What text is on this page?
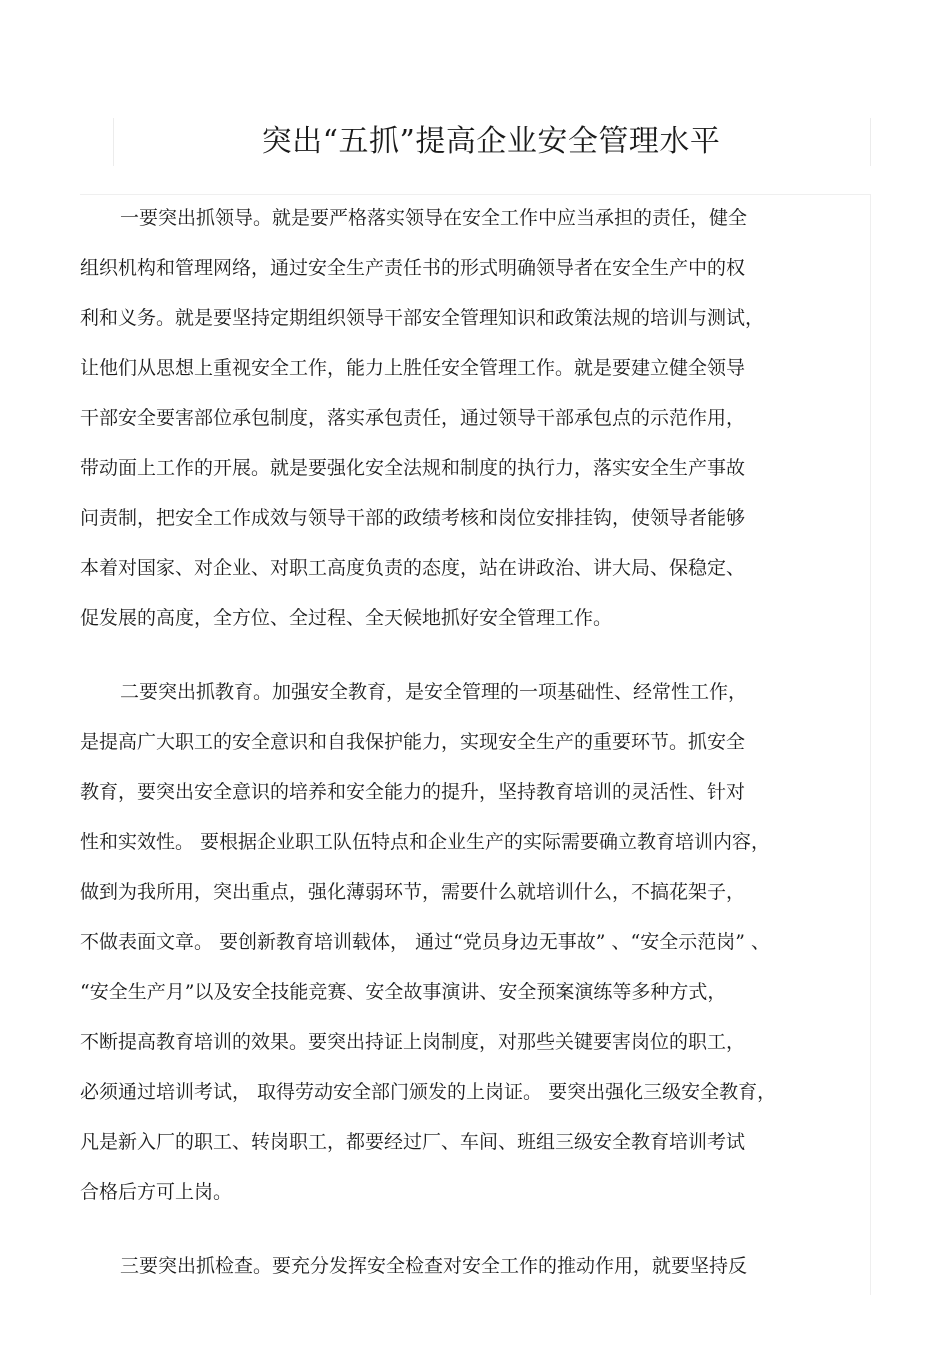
突出“五抓”提高企业安全管理水平
一要突出抓领导。就是要严格落实领导在安全工作中应当承担的责任，健全
组织机构和管理网络，通过安全生产责任书的形式明确领导者在安全生产中的权
利和义务。就是要坚持定期组织领导干部安全管理知识和政策法规的培训与测试，
让他们从思想上重视安全工作，能力上胜任安全管理工作。就是要建立健全领导
干部安全要害部位承包制度，落实承包责任，通过领导干部承包点的示范作用，
带动面上工作的开展。就是要强化安全法规和制度的执行力，落实安全生产事故
问责制，把安全工作成效与领导干部的政绩考核和岗位安排挂钩，使领导者能够
本着对国家、对企业、对职工高度负责的态度，站在讲政治、讲大局、保稳定、
促发展的高度，全方位、全过程、全天候地抓好安全管理工作。
二要突出抓教育。加强安全教育，是安全管理的一项基础性、经常性工作，
是提高广大职工的安全意识和自我保护能力，实现安全生产的重要环节。抓安全
教育，要突出安全意识的培养和安全能力的提升，坚持教育培训的灵活性、针对
性和实效性。 要根据企业职工队伍特点和企业生产的实际需要确立教育培训内容，
做到为我所用，突出重点，强化薄弱环节，需要什么就培训什么，不搞花架子，
不做表面文章。 要创新教育培训载体， 通过“党员身边无事故” 、“安全示范岗” 、
“安全生产月”以及安全技能竞赛、安全故事演讲、安全预案演练等多种方式，
不断提高教育培训的效果。要突出持证上岗制度，对那些关键要害岗位的职工，
必须通过培训考试， 取得劳动安全部门颁发的上岗证。 要突出强化三级安全教育，
凡是新入厂的职工、转岗职工，都要经过厂、车间、班组三级安全教育培训考试
合格后方可上岗。
三要突出抓检查。要充分发挥安全检查对安全工作的推动作用，就要坚持反
